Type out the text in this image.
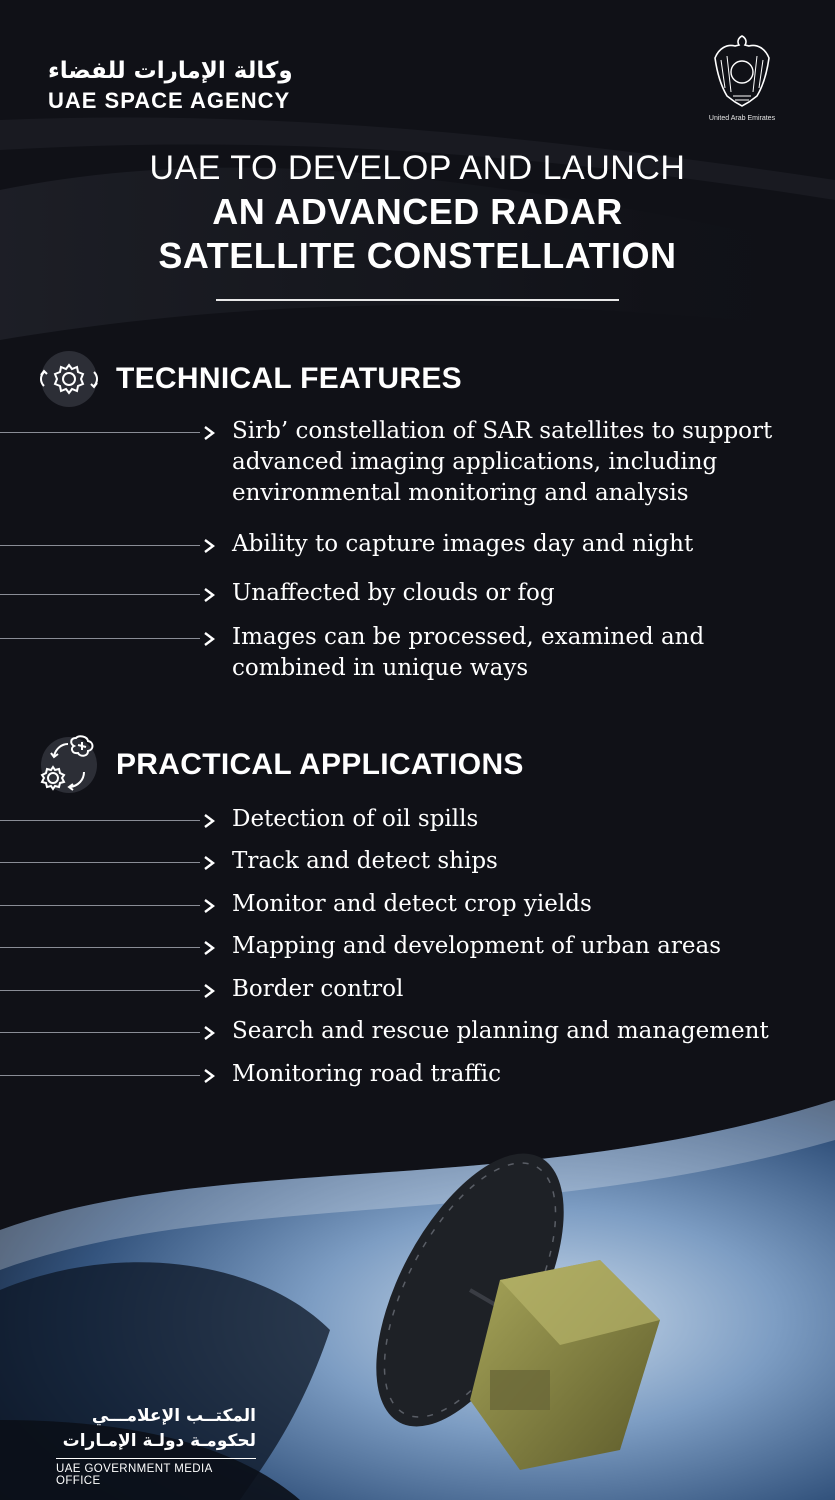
وكالة الإمارات للفضاء
UAE SPACE AGENCY
United Arab Emirates
UAE TO DEVELOP AND LAUNCH
AN ADVANCED RADAR
SATELLITE CONSTELLATION
TECHNICAL FEATURES
Sirb’ constellation of SAR satellites to support advanced imaging applications, including environmental monitoring and analysis
Ability to capture images day and night
Unaffected by clouds or fog
Images can be processed, examined and combined in unique ways
PRACTICAL APPLICATIONS
Detection of oil spills
Track and detect ships
Monitor and detect crop yields
Mapping and development of urban areas
Border control
Search and rescue planning and management
Monitoring road traffic
المكتــب الإعلامـــي
لحكومـة دولـة الإمـارات
UAE GOVERNMENT MEDIA OFFICE
